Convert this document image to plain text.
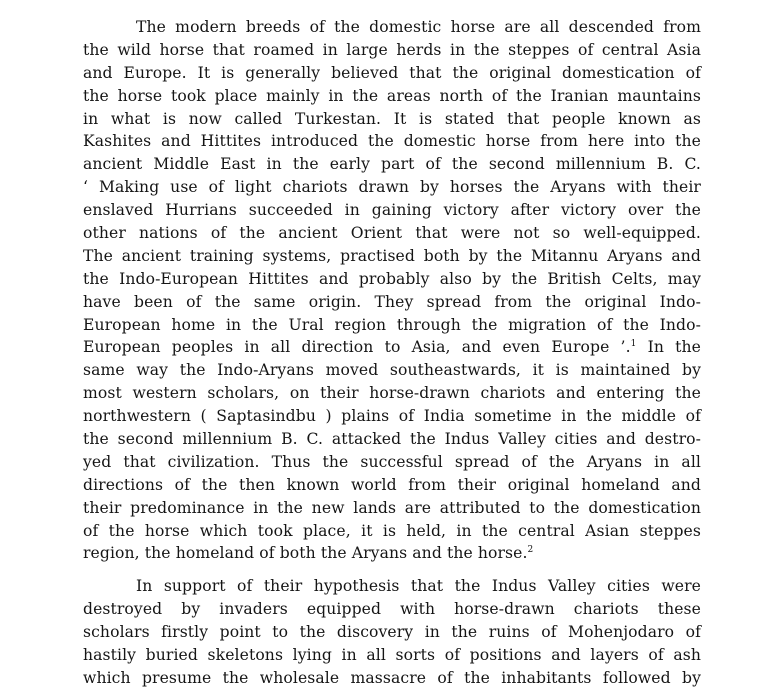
The modern breeds of the domestic horse are all descended from
the wild horse that roamed in large herds in the steppes of central Asia
and Europe. It is generally believed that the original domestication of
the horse took place mainly in the areas north of the Iranian mauntains
in what is now called Turkestan. It is stated that people known as
Kashites and Hittites introduced the domestic horse from here into the
ancient Middle East in the early part of the second millennium B. C.
‘ Making use of light chariots drawn by horses the Aryans with their
enslaved Hurrians succeeded in gaining victory after victory over the
other nations of the ancient Orient that were not so well-equipped.
The ancient training systems, practised both by the Mitannu Aryans and
the Indo-European Hittites and probably also by the British Celts, may
have been of the same origin. They spread from the original Indo-
European home in the Ural region through the migration of the Indo-
European peoples in all direction to Asia, and even Europe ’.$^1$ In the
same way the Indo-Aryans moved southeastwards, it is maintained by
most western scholars, on their horse-drawn chariots and entering the
northwestern ( Saptasindbu ) plains of India sometime in the middle of
the second millennium B. C. attacked the Indus Valley cities and destro-
yed that civilization. Thus the successful spread of the Aryans in all
directions of the then known world from their original homeland and
their predominance in the new lands are attributed to the domestication
of the horse which took place, it is held, in the central Asian steppes
region, the homeland of both the Aryans and the horse.$^2$

In support of their hypothesis that the Indus Valley cities were
destroyed by invaders equipped with horse-drawn chariots these
scholars firstly point to the discovery in the ruins of Mohenjodaro of
hastily buried skeletons lying in all sorts of positions and layers of ash
which presume the wholesale massacre of the inhabitants followed by
